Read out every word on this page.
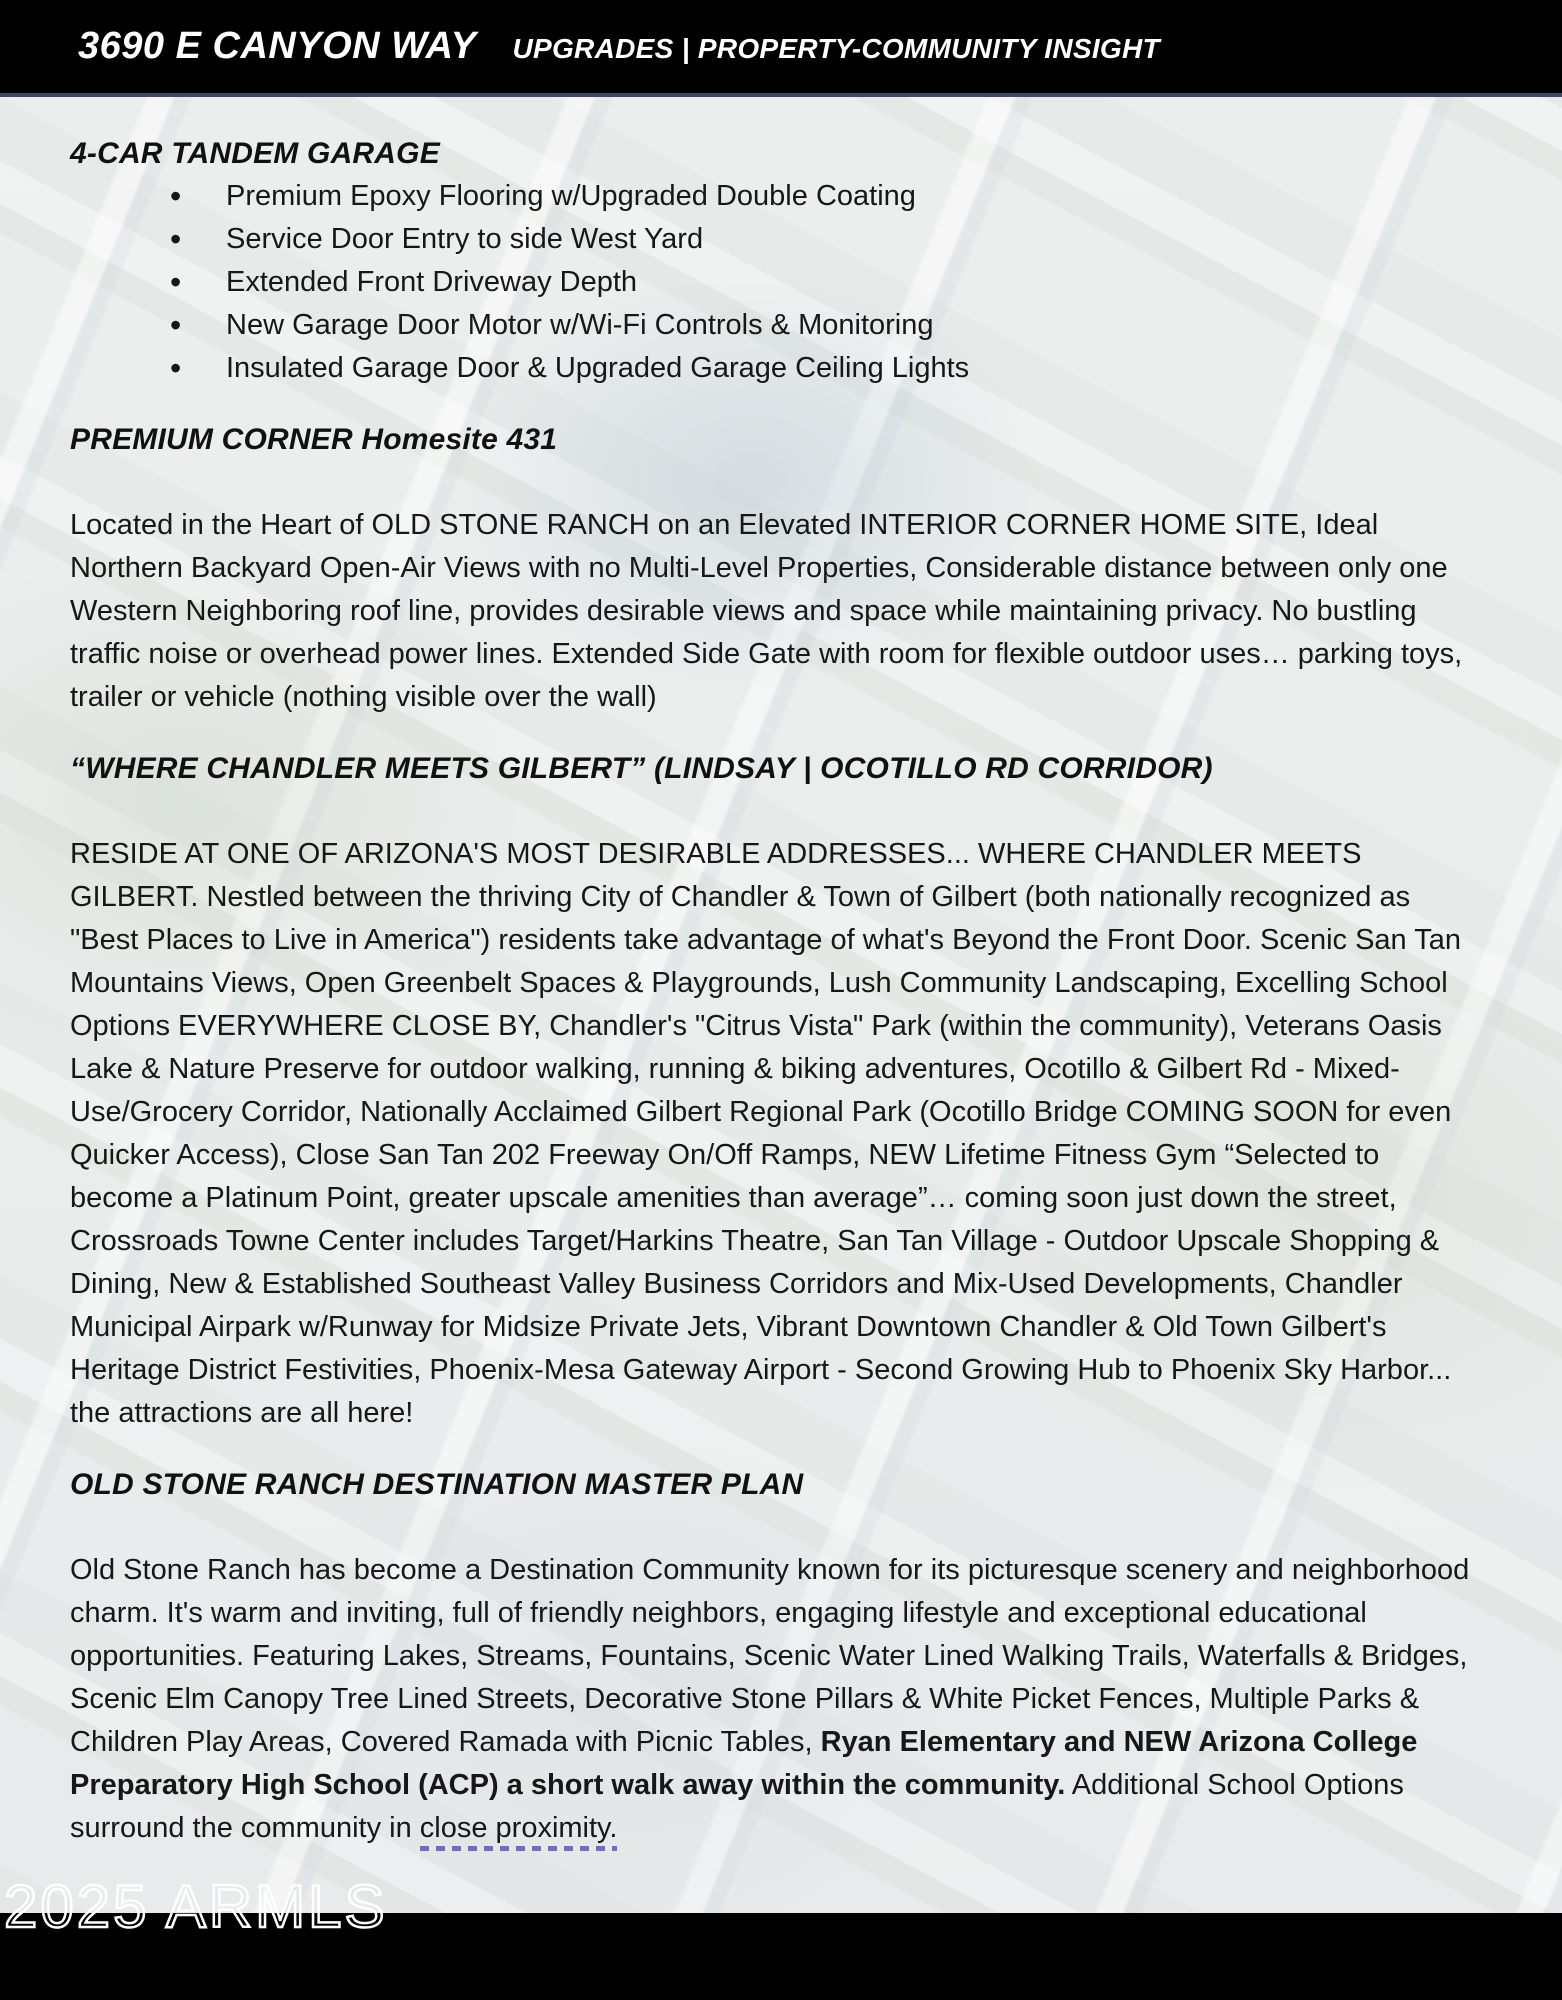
3690 E CANYON WAY UPGRADES | PROPERTY-COMMUNITY INSIGHT
4-CAR TANDEM GARAGE
• Premium Epoxy Flooring w/Upgraded Double Coating
• Service Door Entry to side West Yard
• Extended Front Driveway Depth
• New Garage Door Motor w/Wi-Fi Controls & Monitoring
• Insulated Garage Door & Upgraded Garage Ceiling Lights
PREMIUM CORNER Homesite 431
Located in the Heart of OLD STONE RANCH on an Elevated INTERIOR CORNER HOME SITE, Ideal Northern Backyard Open-Air Views with no Multi-Level Properties, Considerable distance between only one Western Neighboring roof line, provides desirable views and space while maintaining privacy. No bustling traffic noise or overhead power lines. Extended Side Gate with room for flexible outdoor uses… parking toys, trailer or vehicle (nothing visible over the wall)
“WHERE CHANDLER MEETS GILBERT” (LINDSAY | OCOTILLO RD CORRIDOR)
RESIDE AT ONE OF ARIZONA'S MOST DESIRABLE ADDRESSES... WHERE CHANDLER MEETS GILBERT. Nestled between the thriving City of Chandler & Town of Gilbert (both nationally recognized as "Best Places to Live in America") residents take advantage of what's Beyond the Front Door. Scenic San Tan Mountains Views, Open Greenbelt Spaces & Playgrounds, Lush Community Landscaping, Excelling School Options EVERYWHERE CLOSE BY, Chandler's "Citrus Vista" Park (within the community), Veterans Oasis Lake & Nature Preserve for outdoor walking, running & biking adventures, Ocotillo & Gilbert Rd - Mixed-Use/Grocery Corridor, Nationally Acclaimed Gilbert Regional Park (Ocotillo Bridge COMING SOON for even Quicker Access), Close San Tan 202 Freeway On/Off Ramps, NEW Lifetime Fitness Gym “Selected to become a Platinum Point, greater upscale amenities than average”… coming soon just down the street, Crossroads Towne Center includes Target/Harkins Theatre, San Tan Village - Outdoor Upscale Shopping & Dining, New & Established Southeast Valley Business Corridors and Mix-Used Developments, Chandler Municipal Airpark w/Runway for Midsize Private Jets, Vibrant Downtown Chandler & Old Town Gilbert's Heritage District Festivities, Phoenix-Mesa Gateway Airport - Second Growing Hub to Phoenix Sky Harbor... the attractions are all here!
OLD STONE RANCH DESTINATION MASTER PLAN
Old Stone Ranch has become a Destination Community known for its picturesque scenery and neighborhood charm. It's warm and inviting, full of friendly neighbors, engaging lifestyle and exceptional educational opportunities. Featuring Lakes, Streams, Fountains, Scenic Water Lined Walking Trails, Waterfalls & Bridges, Scenic Elm Canopy Tree Lined Streets, Decorative Stone Pillars & White Picket Fences, Multiple Parks & Children Play Areas, Covered Ramada with Picnic Tables, Ryan Elementary and NEW Arizona College Preparatory High School (ACP) a short walk away within the community. Additional School Options surround the community in close proximity.
2025 ARMLS
